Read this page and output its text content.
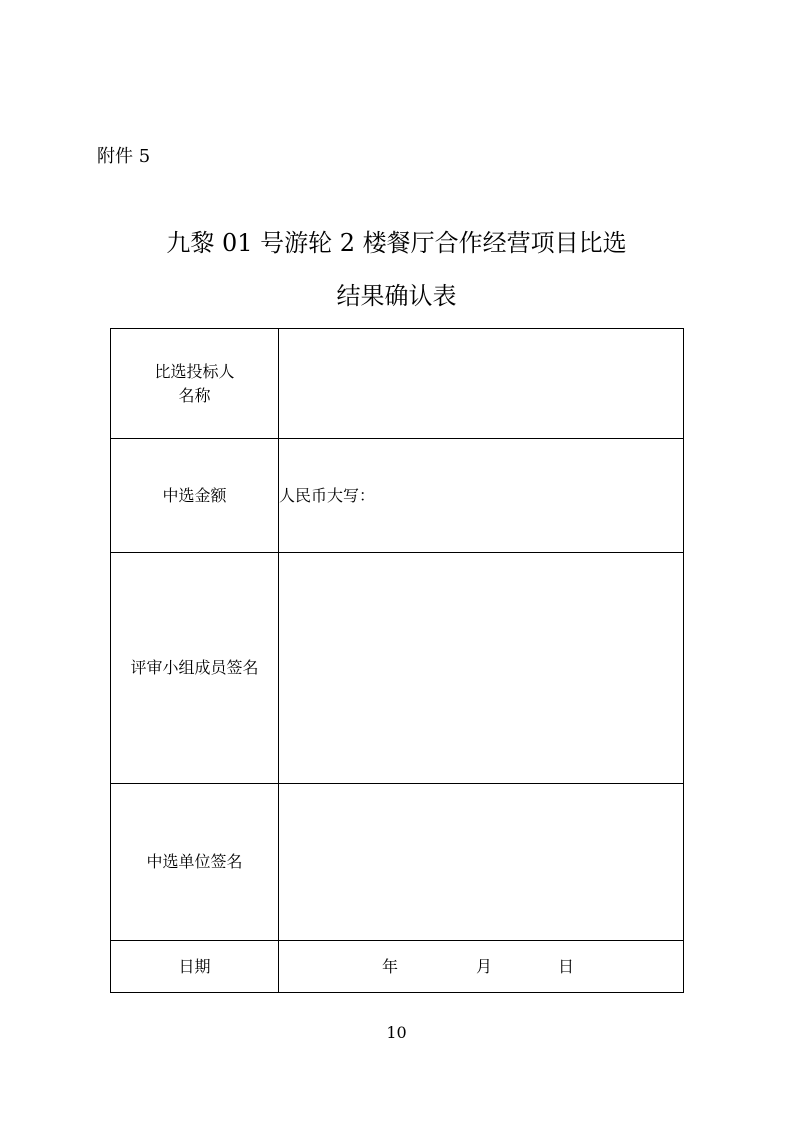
附件 5
九黎 01 号游轮 2 楼餐厅合作经营项目比选
结果确认表
比选投标人
名称	

中选金额	人民币大写：
评审小组成员签名	
中选单位签名	
日期	年 月 日
10
